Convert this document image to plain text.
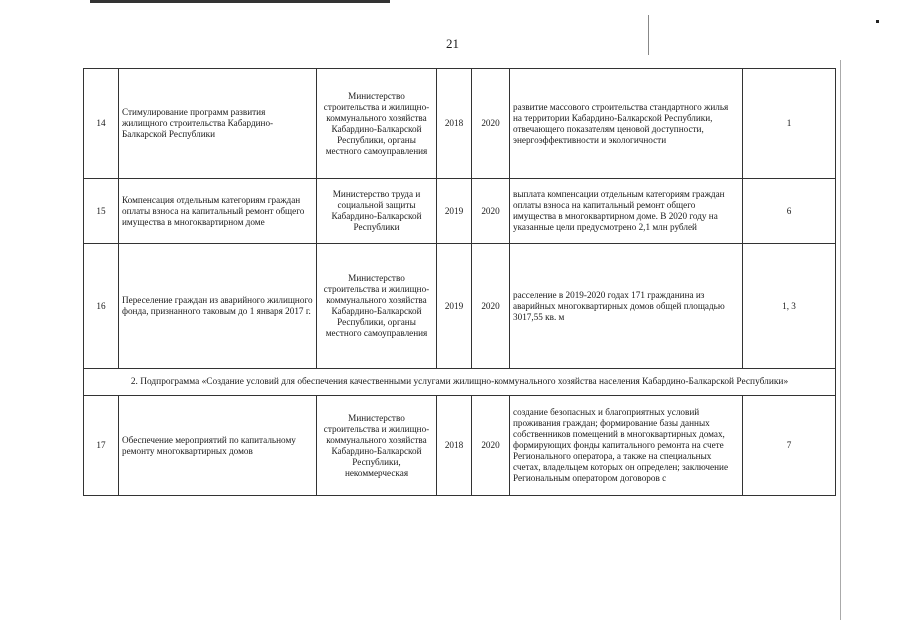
21
14	Стимулирование программ развития жилищного строительства Кабардино-Балкарской Республики	Министерство строительства и жилищно-коммунального хозяйства Кабардино-Балкарской Республики, органы местного самоуправления	2018	2020	развитие массового строительства стандартного жилья на территории Кабардино-Балкарской Республики, отвечающего показателям ценовой доступности, энергоэффективности и экологичности	1
15	Компенсация отдельным категориям граждан оплаты взноса на капитальный ремонт общего имущества в многоквартирном доме	Министерство труда и социальной защиты Кабардино-Балкарской Республики	2019	2020	выплата компенсации отдельным категориям граждан оплаты взноса на капитальный ремонт общего имущества в многоквартирном доме. В 2020 году на указанные цели предусмотрено 2,1 млн рублей	6
16	Переселение граждан из аварийного жилищного фонда, признанного таковым до 1 января 2017 г.	Министерство строительства и жилищно-коммунального хозяйства Кабардино-Балкарской Республики, органы местного самоуправления	2019	2020	расселение в 2019-2020 годах 171 гражданина из аварийных многоквартирных домов общей площадью 3017,55 кв. м	1, 3
2. Подпрограмма «Создание условий для обеспечения качественными услугами жилищно-коммунального хозяйства населения Кабардино-Балкарской Республики»						
17	Обеспечение мероприятий по капитальному ремонту многоквартирных домов	Министерство строительства и жилищно-коммунального хозяйства Кабардино-Балкарской Республики, некоммерческая	2018	2020	создание безопасных и благоприятных условий проживания граждан; формирование базы данных собственников помещений в многоквартирных домах, формирующих фонды капитального ремонта на счете Регионального оператора, а также на специальных счетах, владельцем которых он определен; заключение Региональным оператором договоров с	7
